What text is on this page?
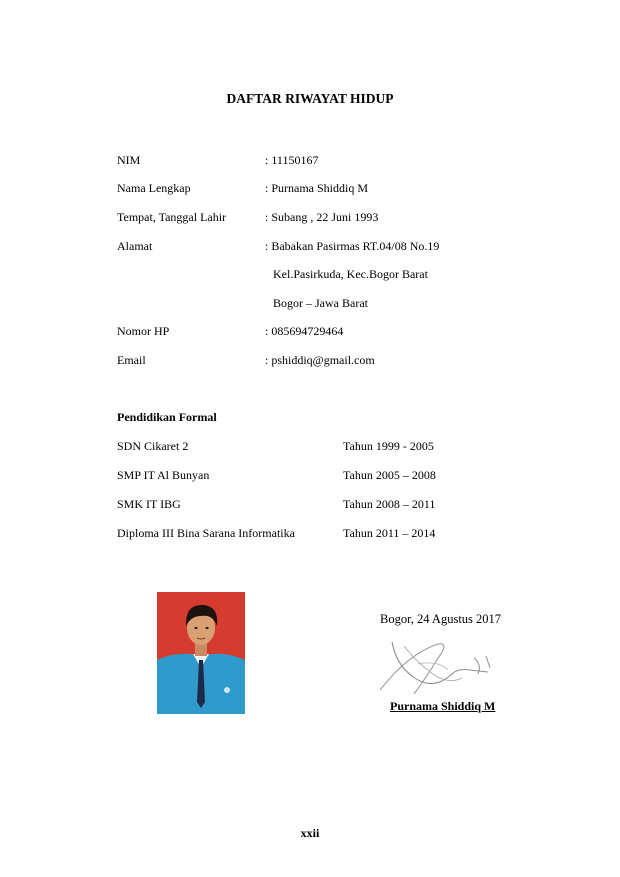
DAFTAR RIWAYAT HIDUP
NIM	: 11150167
Nama Lengkap	: Purnama Shiddiq M
Tempat, Tanggal Lahir	: Subang , 22 Juni 1993
Alamat	: Babakan Pasirmas RT.04/08 No.19
Kel.Pasirkuda, Kec.Bogor Barat
Bogor – Jawa Barat
Nomor HP	: 085694729464
Email	: pshiddiq@gmail.com
Pendidikan Formal
SDN Cikaret 2	Tahun 1999 - 2005
SMP IT Al Bunyan	Tahun 2005 – 2008
SMK IT IBG	Tahun 2008 – 2011
Diploma III Bina Sarana Informatika	Tahun 2011 – 2014
Bogor, 24 Agustus 2017
Purnama Shiddiq M
xxii
